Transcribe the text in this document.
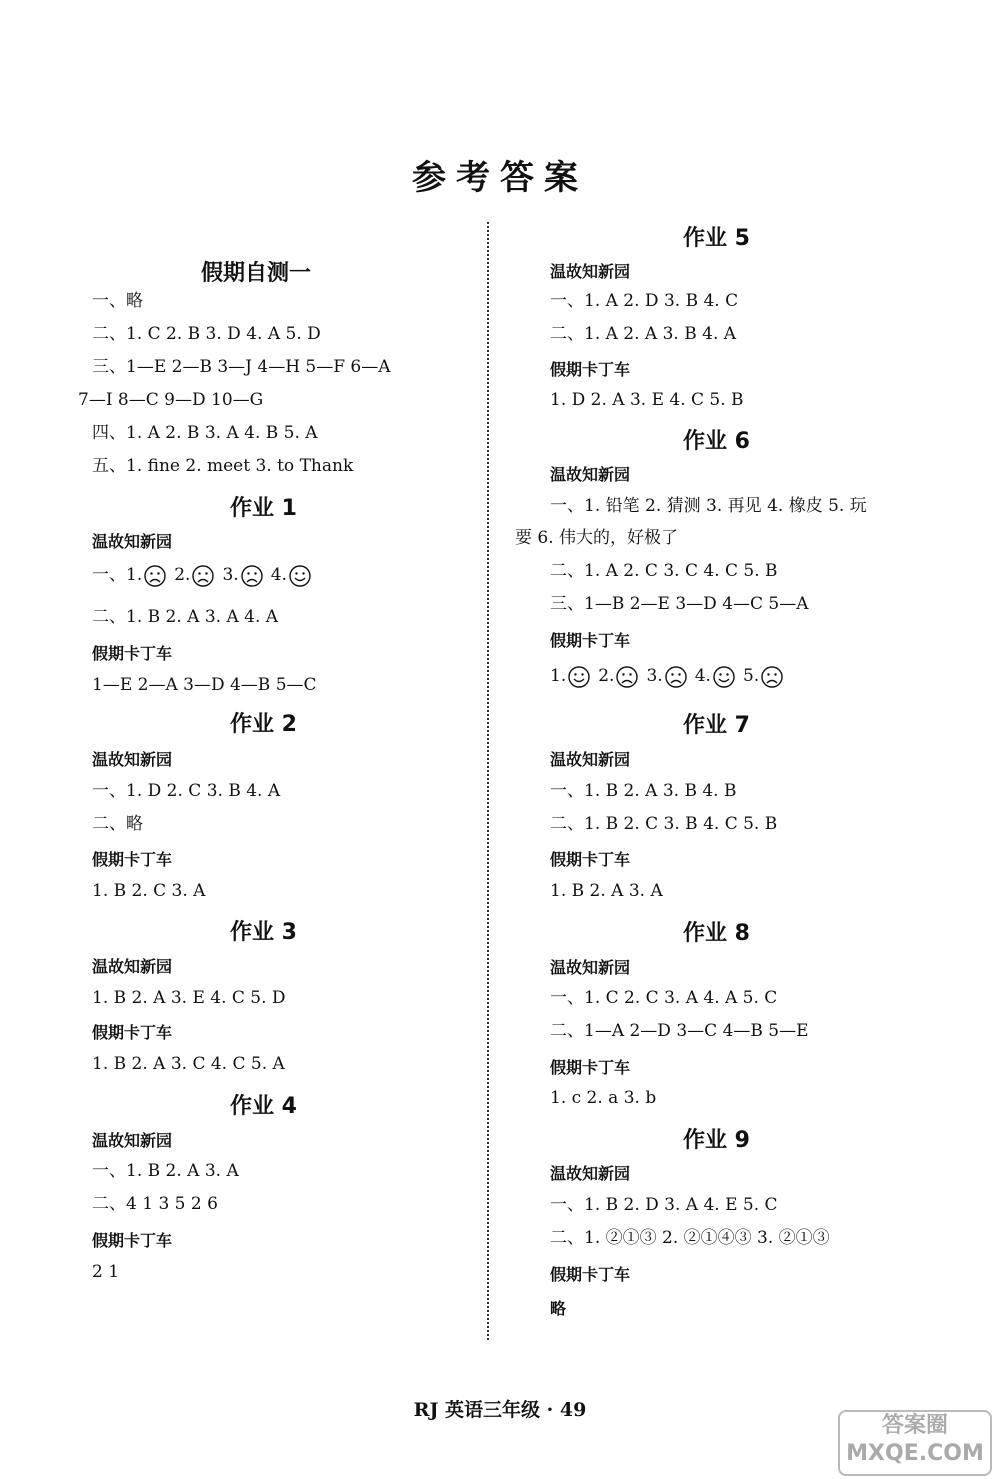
参考答案
假期自测一
一、略
二、1. C 2. B 3. D 4. A 5. D
三、1—E 2—B 3—J 4—H 5—F 6—A
7—I 8—C 9—D 10—G
四、1. A 2. B 3. A 4. B 5. A
五、1. fine 2. meet 3. to Thank
作业 1
温故知新园
一、1. 2. 3. 4.
二、1. B 2. A 3. A 4. A
假期卡丁车
1—E 2—A 3—D 4—B 5—C
作业 2
温故知新园
一、1. D 2. C 3. B 4. A
二、略
假期卡丁车
1. B 2. C 3. A
作业 3
温故知新园
1. B 2. A 3. E 4. C 5. D
假期卡丁车
1. B 2. A 3. C 4. C 5. A
作业 4
温故知新园
一、1. B 2. A 3. A
二、4 1 3 5 2 6
假期卡丁车
2 1
作业 5
温故知新园
一、1. A 2. D 3. B 4. C
二、1. A 2. A 3. B 4. A
假期卡丁车
1. D 2. A 3. E 4. C 5. B
作业 6
温故知新园
一、1. 铅笔 2. 猜测 3. 再见 4. 橡皮 5. 玩
要 6. 伟大的，好极了
二、1. A 2. C 3. C 4. C 5. B
三、1—B 2—E 3—D 4—C 5—A
假期卡丁车
1. 2. 3. 4. 5.
作业 7
温故知新园
一、1. B 2. A 3. B 4. B
二、1. B 2. C 3. B 4. C 5. B
假期卡丁车
1. B 2. A 3. A
作业 8
温故知新园
一、1. C 2. C 3. A 4. A 5. C
二、1—A 2—D 3—C 4—B 5—E
假期卡丁车
1. c 2. a 3. b
作业 9
温故知新园
一、1. B 2. D 3. A 4. E 5. C
二、1. ②①③ 2. ②①④③ 3. ②①③
假期卡丁车
略
RJ 英语三年级 · 49
答案圈
MXQE.COM
